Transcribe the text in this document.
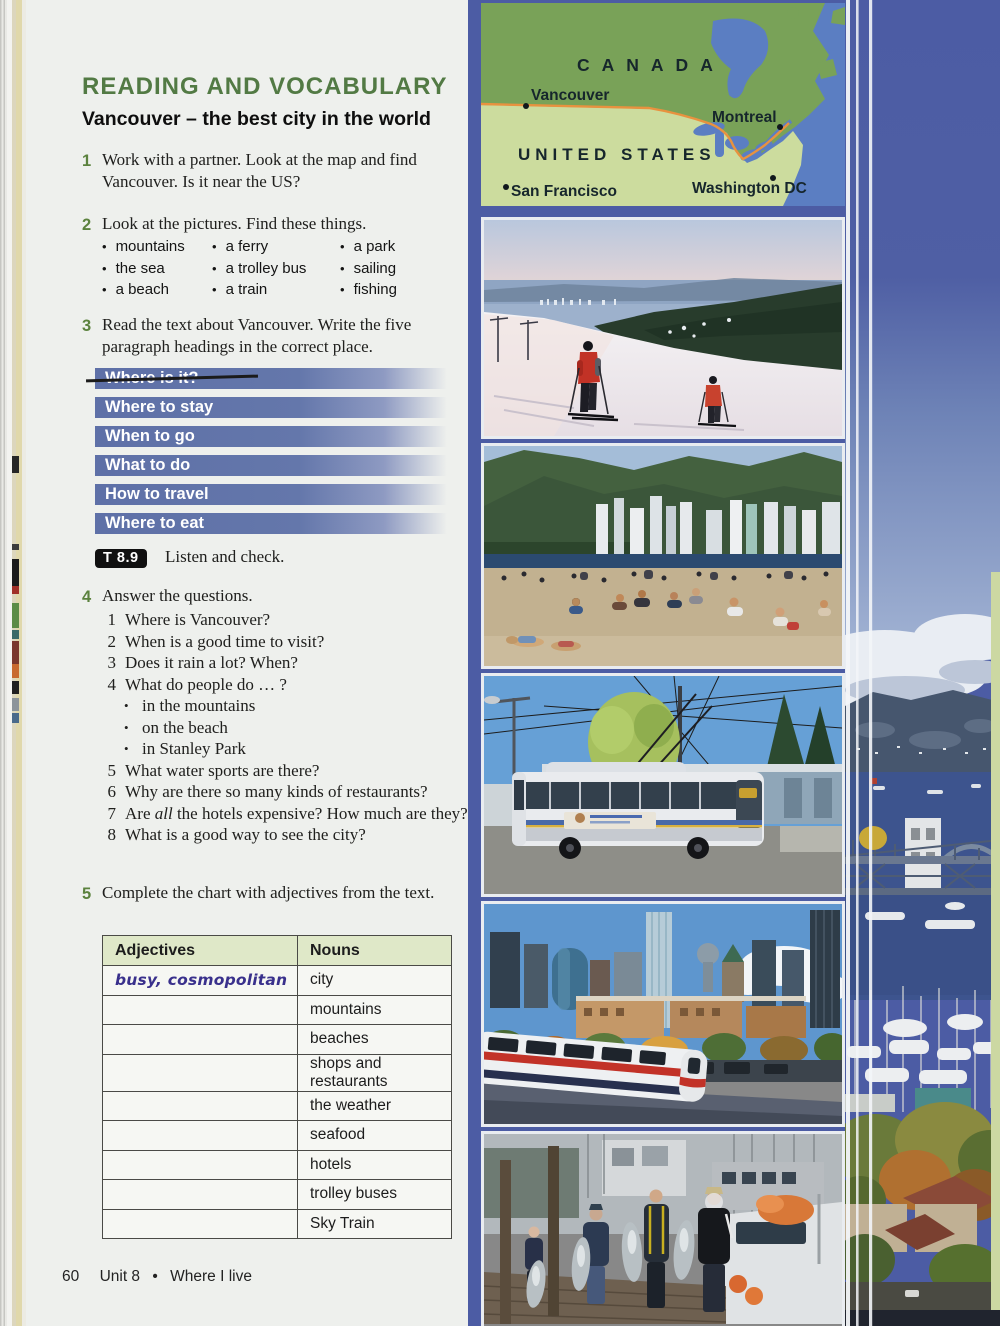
READING AND VOCABULARY
Vancouver – the best city in the world
1 Work with a partner. Look at the map and find Vancouver. Is it near the US?

2 Look at the pictures. Find these things.

• mountains
• the sea
• a beach
• a ferry
• a trolley bus
• a train
• a park
• sailing
• fishing
3 Read the text about Vancouver. Write the five paragraph headings in the correct place.

Where to stay
When to go
What to do
How to travel
Where to eat
T 8.9 Listen and check.
4 Answer the questions.

1 Where is Vancouver?
2 When is a good time to visit?
3 Does it rain a lot? When?
4 What do people do … ?
• in the mountains
• on the beach
• in Stanley Park
5 What water sports are there?
6 Why are there so many kinds of restaurants?
7 Are all the hotels expensive? How much are they?
8 What is a good way to see the city?
5 Complete the chart with adjectives from the text.

Adjectives	Nouns
busy, cosmopolitan	city
	mountains
	beaches
	shops and restaurants
	the weather
	seafood
	hotels
	trolley buses
	Sky Train
60 Unit 8 • Where I live
CANADA
UNITED STATES
Vancouver
Montreal
San Francisco	Washington DC
